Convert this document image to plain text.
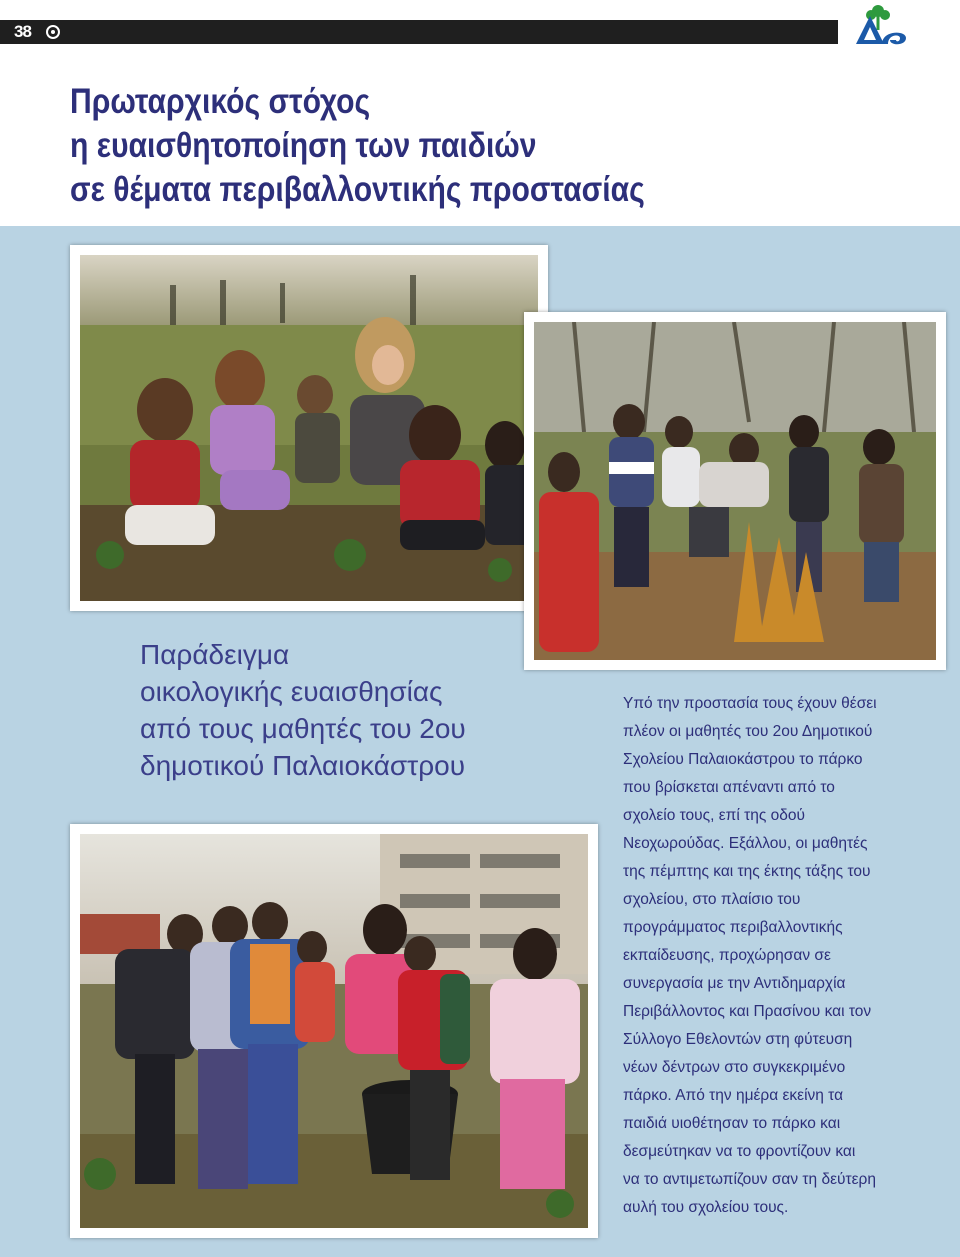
38
Πρωταρχικός στόχος
η ευαισθητοποίηση των παιδιών
σε θέματα περιβαλλοντικής προστασίας
Παράδειγμα
οικολογικής ευαισθησίας
από τους μαθητές του 2ου
δημοτικού Παλαιοκάστρου
Υπό την προστασία τους έχουν θέσει
πλέον οι μαθητές του 2ου Δημοτικού
Σχολείου Παλαιοκάστρου το πάρκο
που βρίσκεται απέναντι από το
σχολείο τους, επί της οδού
Νεοχωρούδας. Εξάλλου, οι μαθητές
της πέμπτης και της έκτης τάξης του
σχολείου, στο πλαίσιο του
προγράμματος περιβαλλοντικής
εκπαίδευσης, προχώρησαν σε
συνεργασία με την Αντιδημαρχία
Περιβάλλοντος και Πρασίνου και τον
Σύλλογο Εθελοντών στη φύτευση
νέων δέντρων στο συγκεκριμένο
πάρκο. Από την ημέρα εκείνη τα
παιδιά υιοθέτησαν το πάρκο και
δεσμεύτηκαν να το φροντίζουν και
να το αντιμετωπίζουν σαν τη δεύτερη
αυλή του σχολείου τους.
